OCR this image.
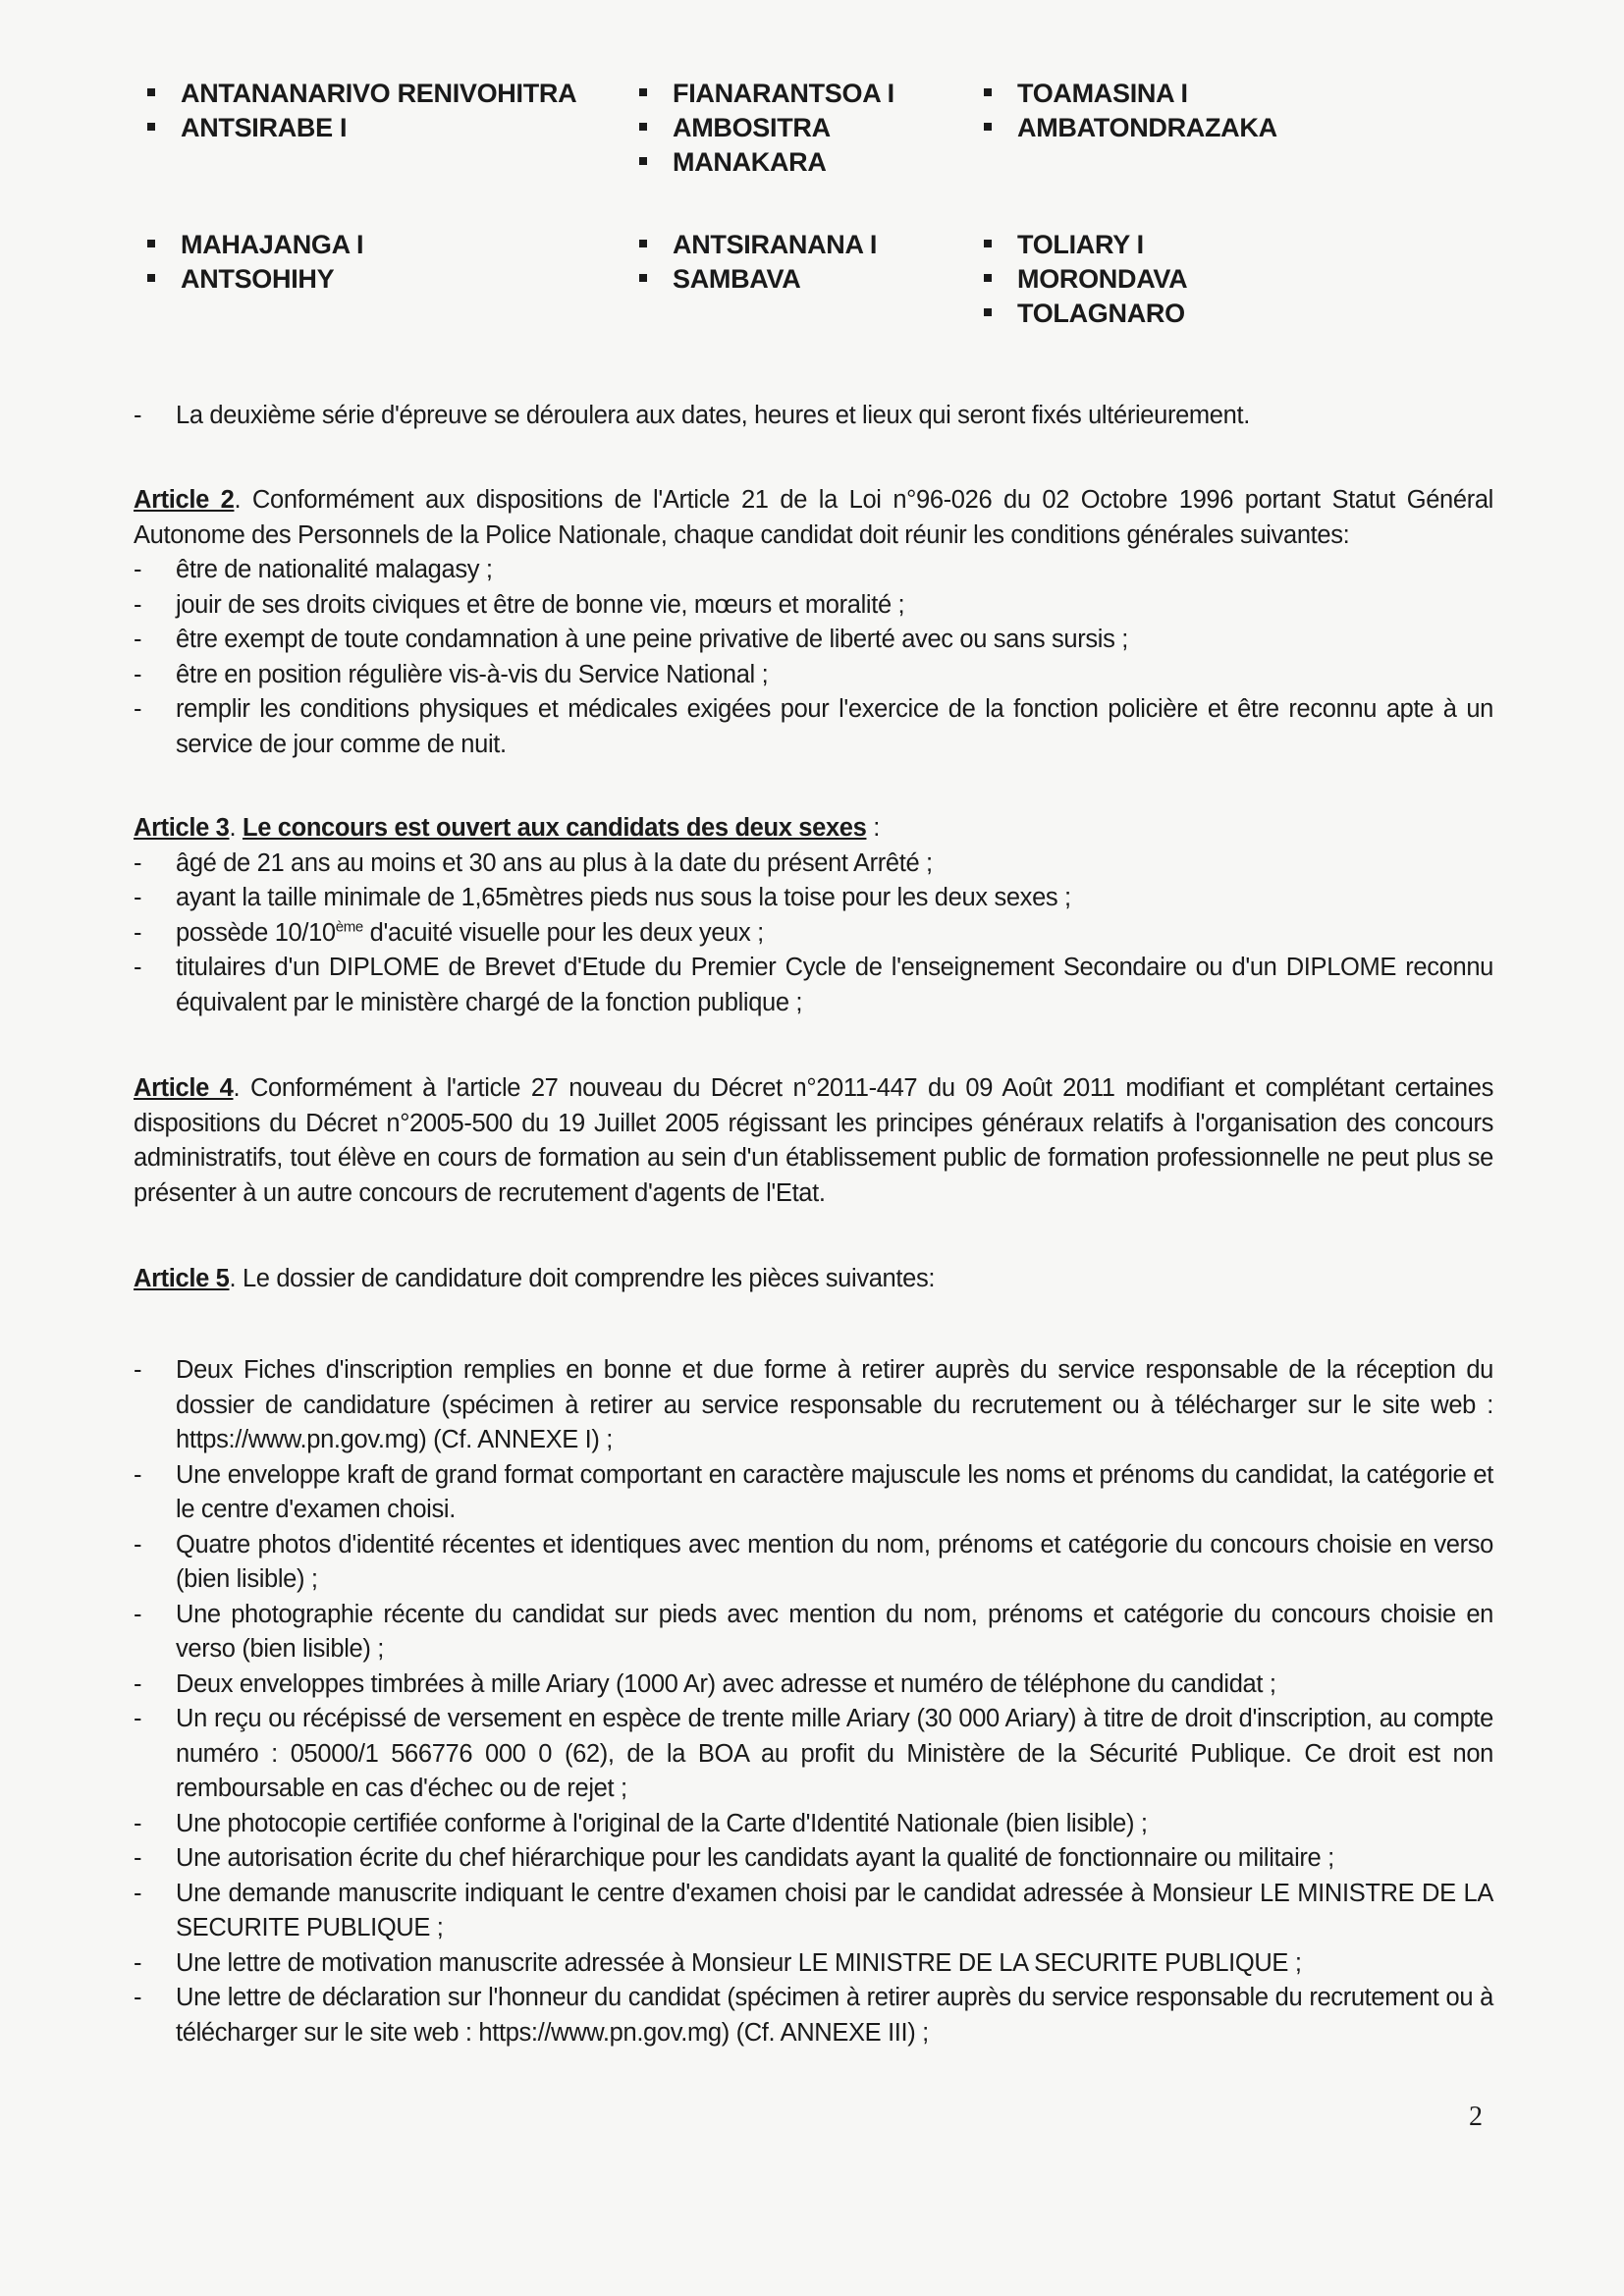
ANTANANARIVO RENIVOHITRA
ANTSIRABE I
FIANARANTSOA I
AMBOSITRA
MANAKARA
TOAMASINA I
AMBATONDRAZAKA
MAHAJANGA I
ANTSOHIHY
ANTSIRANANA I
SAMBAVA
TOLIARY I
MORONDAVA
TOLAGNARO
- La deuxième série d'épreuve se déroulera aux dates, heures et lieux qui seront fixés ultérieurement.

Article 2. Conformément aux dispositions de l'Article 21 de la Loi n°96-026 du 02 Octobre 1996 portant Statut Général Autonome des Personnels de la Police Nationale, chaque candidat doit réunir les conditions générales suivantes:

- être de nationalité malagasy ;
- jouir de ses droits civiques et être de bonne vie, mœurs et moralité ;
- être exempt de toute condamnation à une peine privative de liberté avec ou sans sursis ;
- être en position régulière vis-à-vis du Service National ;
- remplir les conditions physiques et médicales exigées pour l'exercice de la fonction policière et être reconnu apte à un service de jour comme de nuit.

Article 3. Le concours est ouvert aux candidats des deux sexes :

- âgé de 21 ans au moins et 30 ans au plus à la date du présent Arrêté ;
- ayant la taille minimale de 1,65mètres pieds nus sous la toise pour les deux sexes ;
- possède 10/10ème d'acuité visuelle pour les deux yeux ;
- titulaires d'un DIPLOME de Brevet d'Etude du Premier Cycle de l'enseignement Secondaire ou d'un DIPLOME reconnu équivalent par le ministère chargé de la fonction publique ;

Article 4. Conformément à l'article 27 nouveau du Décret n°2011-447 du 09 Août 2011 modifiant et complétant certaines dispositions du Décret n°2005-500 du 19 Juillet 2005 régissant les principes généraux relatifs à l'organisation des concours administratifs, tout élève en cours de formation au sein d'un établissement public de formation professionnelle ne peut plus se présenter à un autre concours de recrutement d'agents de l'Etat.

Article 5. Le dossier de candidature doit comprendre les pièces suivantes:

- Deux Fiches d'inscription remplies en bonne et due forme à retirer auprès du service responsable de la réception du dossier de candidature (spécimen à retirer au service responsable du recrutement ou à télécharger sur le site web : https://www.pn.gov.mg) (Cf. ANNEXE I) ;
- Une enveloppe kraft de grand format comportant en caractère majuscule les noms et prénoms du candidat, la catégorie et le centre d'examen choisi.
- Quatre photos d'identité récentes et identiques avec mention du nom, prénoms et catégorie du concours choisie en verso (bien lisible) ;
- Une photographie récente du candidat sur pieds avec mention du nom, prénoms et catégorie du concours choisie en verso (bien lisible) ;
- Deux enveloppes timbrées à mille Ariary (1000 Ar) avec adresse et numéro de téléphone du candidat ;
- Un reçu ou récépissé de versement en espèce de trente mille Ariary (30 000 Ariary) à titre de droit d'inscription, au compte numéro : 05000/1 566776 000 0 (62), de la BOA au profit du Ministère de la Sécurité Publique. Ce droit est non remboursable en cas d'échec ou de rejet ;
- Une photocopie certifiée conforme à l'original de la Carte d'Identité Nationale (bien lisible) ;
- Une autorisation écrite du chef hiérarchique pour les candidats ayant la qualité de fonctionnaire ou militaire ;
- Une demande manuscrite indiquant le centre d'examen choisi par le candidat adressée à Monsieur LE MINISTRE DE LA SECURITE PUBLIQUE ;
- Une lettre de motivation manuscrite adressée à Monsieur LE MINISTRE DE LA SECURITE PUBLIQUE ;
- Une lettre de déclaration sur l'honneur du candidat (spécimen à retirer auprès du service responsable du recrutement ou à télécharger sur le site web : https://www.pn.gov.mg) (Cf. ANNEXE III) ;
2
